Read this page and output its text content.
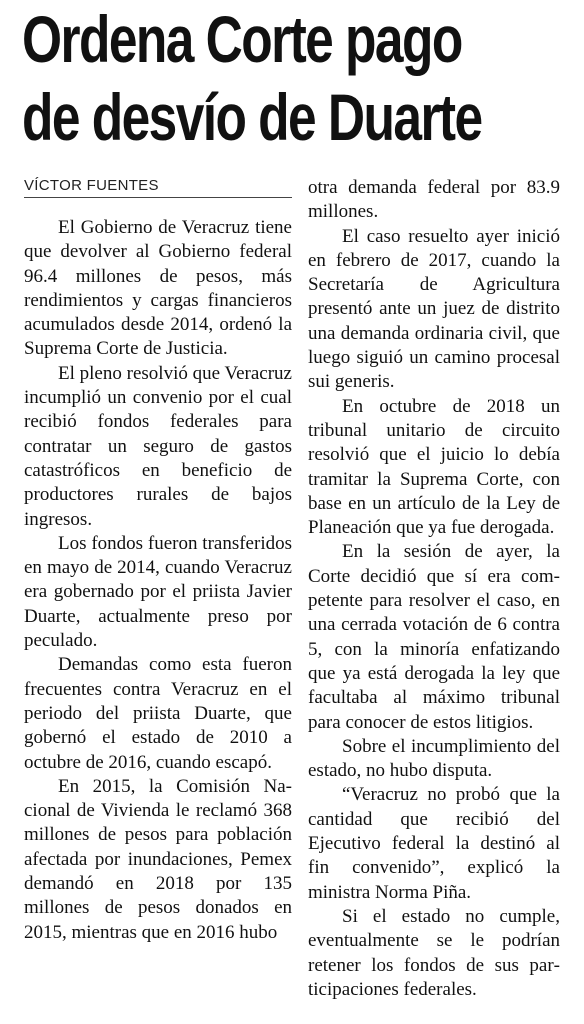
Ordena Corte pago
de desvío de Duarte
VÍCTOR FUENTES

El Gobierno de Veracruz tiene que devolver al Gobierno federal 96.4 millones de pesos, más rendimientos y cargas financieros acumulados desde 2014, ordenó la Suprema Corte de Justicia.

El pleno resolvió que Veracruz incumplió un convenio por el cual recibió fondos federales para contratar un seguro de gastos catastróficos en beneficio de productores rurales de bajos ingresos.

Los fondos fueron transferidos en mayo de 2014, cuando Veracruz era gobernado por el priista Javier Duarte, actualmente preso por peculado.

Demandas como esta fueron frecuentes contra Veracruz en el periodo del priista Duarte, que gobernó el estado de 2010 a octubre de 2016, cuando escapó.

En 2015, la Comisión Nacional de Vivienda le reclamó 368 millones de pesos para población afectada por inundaciones, Pemex demandó en 2018 por 135 millones de pesos donados en 2015, mientras que en 2016 hubo

otra demanda federal por 83.9 millones.

El caso resuelto ayer inició en febrero de 2017, cuando la Secretaría de Agricultura presentó ante un juez de distrito una demanda ordinaria civil, que luego siguió un camino procesal sui generis.

En octubre de 2018 un tribunal unitario de circuito resolvió que el juicio lo debía tramitar la Suprema Corte, con base en un artículo de la Ley de Planeación que ya fue derogada.

En la sesión de ayer, la Corte decidió que sí era competente para resolver el caso, en una cerrada votación de 6 contra 5, con la minoría enfatizando que ya está derogada la ley que facultaba al máximo tribunal para conocer de estos litigios.

Sobre el incumplimiento del estado, no hubo disputa.

“Veracruz no probó que la cantidad que recibió del Ejecutivo federal la destinó al fin convenido”, explicó la ministra Norma Piña.

Si el estado no cumple, eventualmente se le podrían retener los fondos de sus participaciones federales.
